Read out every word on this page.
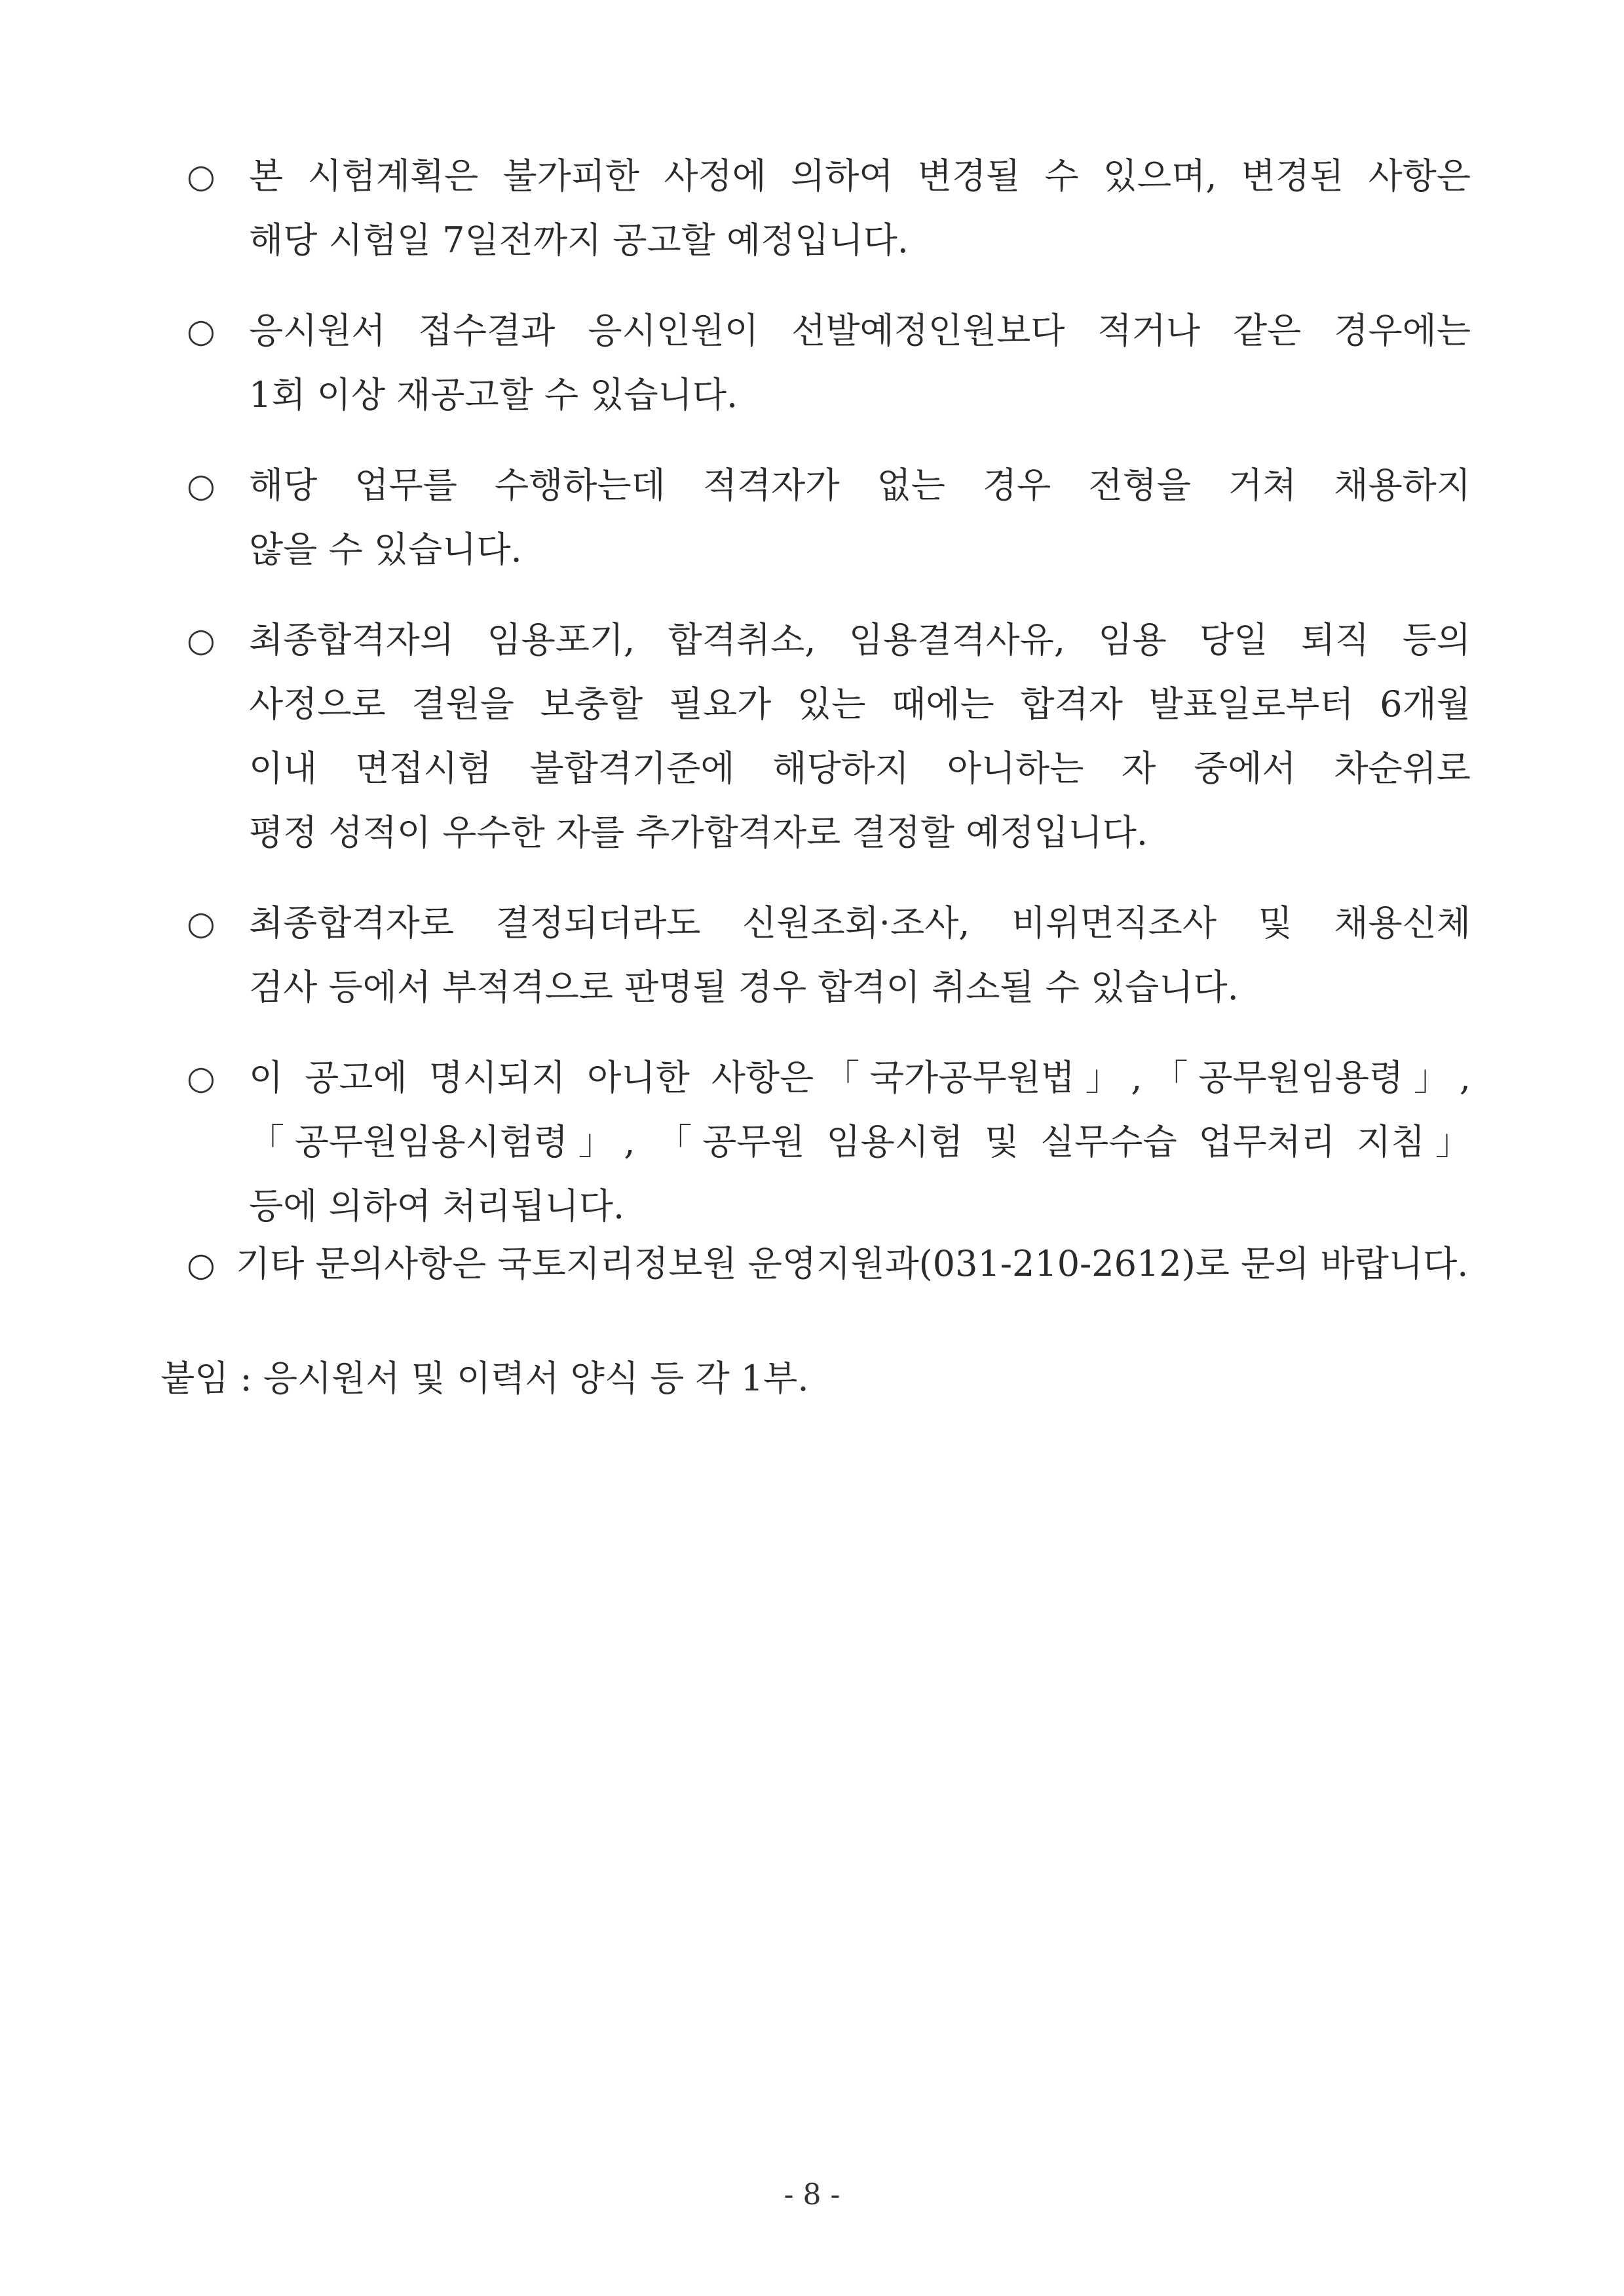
○ 본 시험계획은 불가피한 사정에 의하여 변경될 수 있으며, 변경된 사항은
해당 시험일 7일전까지 공고할 예정입니다.
○ 응시원서 접수결과 응시인원이 선발예정인원보다 적거나 같은 경우에는
1회 이상 재공고할 수 있습니다.
○ 해당 업무를 수행하는데 적격자가 없는 경우 전형을 거쳐 채용하지
않을 수 있습니다.
○ 최종합격자의 임용포기, 합격취소, 임용결격사유, 임용 당일 퇴직 등의
사정으로 결원을 보충할 필요가 있는 때에는 합격자 발표일로부터 6개월
이내 면접시험 불합격기준에 해당하지 아니하는 자 중에서 차순위로
평정 성적이 우수한 자를 추가합격자로 결정할 예정입니다.
○ 최종합격자로 결정되더라도 신원조회·조사, 비위면직조사 및 채용신체
검사 등에서 부적격으로 판명될 경우 합격이 취소될 수 있습니다.
○ 이 공고에 명시되지 아니한 사항은「국가공무원법」,「공무원임용령」,
「공무원임용시험령」, 「공무원 임용시험 및 실무수습 업무처리 지침」
등에 의하여 처리됩니다.
○ 기타 문의사항은 국토지리정보원 운영지원과(031-210-2612)로 문의 바랍니다.
붙임 : 응시원서 및 이력서 양식 등 각 1부.
- 8 -
